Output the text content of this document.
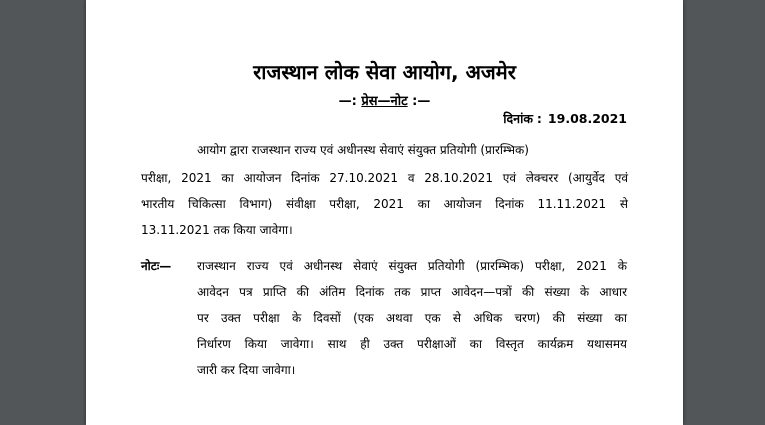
राजस्थान लोक सेवा आयोग, अजमेर
—: प्रेस—नोट :—
दिनांक : 19.08.2021
आयोग द्वारा राजस्थान राज्य एवं अधीनस्थ सेवाएं संयुक्त प्रतियोगी (प्रारम्भिक)
परीक्षा, 2021 का आयोजन दिनांक 27.10.2021 व 28.10.2021 एवं लेक्चरर (आयुर्वेद एवं
भारतीय चिकित्सा विभाग) संवीक्षा परीक्षा, 2021 का आयोजन दिनांक 11.11.2021 से
13.11.2021 तक किया जावेगा।
नोटः— राजस्थान राज्य एवं अधीनस्थ सेवाएं संयुक्त प्रतियोगी (प्रारम्भिक) परीक्षा, 2021 के
आवेदन पत्र प्राप्ति की अंतिम दिनांक तक प्राप्त आवेदन—पत्रों की संख्या के आधार
पर उक्त परीक्षा के दिवसों (एक अथवा एक से अधिक चरण) की संख्या का
निर्धारण किया जावेगा। साथ ही उक्त परीक्षाओं का विस्तृत कार्यक्रम यथासमय
जारी कर दिया जावेगा।
